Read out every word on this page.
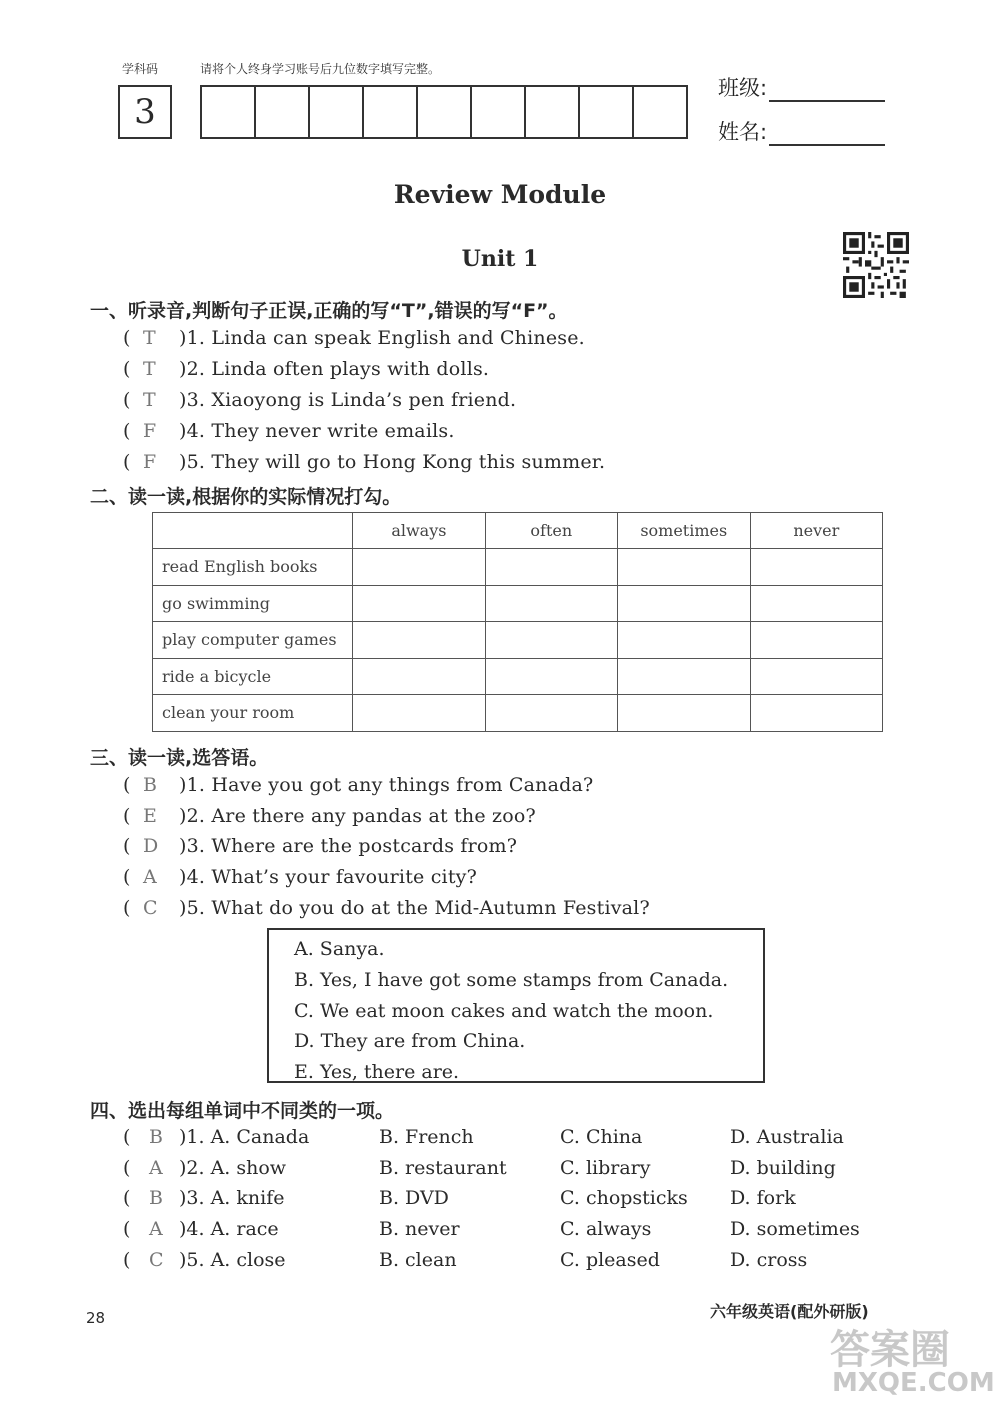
学科码	请将个人终身学习账号后九位数字填写完整。
3
班级:
姓名:
Review Module
Unit 1
一、听录音,判断句子正误,正确的写“T”,错误的写“F”。
( T )1. Linda can speak English and Chinese.
( T )2. Linda often plays with dolls.
( T )3. Xiaoyong is Linda’s pen friend.
( F )4. They never write emails.
( F )5. They will go to Hong Kong this summer.
二、读一读,根据你的实际情况打勾。
	always	often	sometimes	never
read English books				
go swimming				
play computer games				
ride a bicycle				
clean your room				
三、读一读,选答语。
( B )1. Have you got any things from Canada?
( E )2. Are there any pandas at the zoo?
( D )3. Where are the postcards from?
( A )4. What’s your favourite city?
( C )5. What do you do at the Mid-Autumn Festival?
A. Sanya.
B. Yes, I have got some stamps from Canada.
C. We eat moon cakes and watch the moon.
D. They are from China.
E. Yes, there are.
四、选出每组单词中不同类的一项。
( B )1. A. Canada	B. French	C. China	D. Australia
( A )2. A. show	B. restaurant	C. library	D. building
( B )3. A. knife	B. DVD	C. chopsticks D. fork
( A )4. A. race	B. never	C. always	D. sometimes
( C )5. A. close	B. clean	C. pleased	D. cross
28	六年级英语(配外研版)
答案圈
MXQE.COM
